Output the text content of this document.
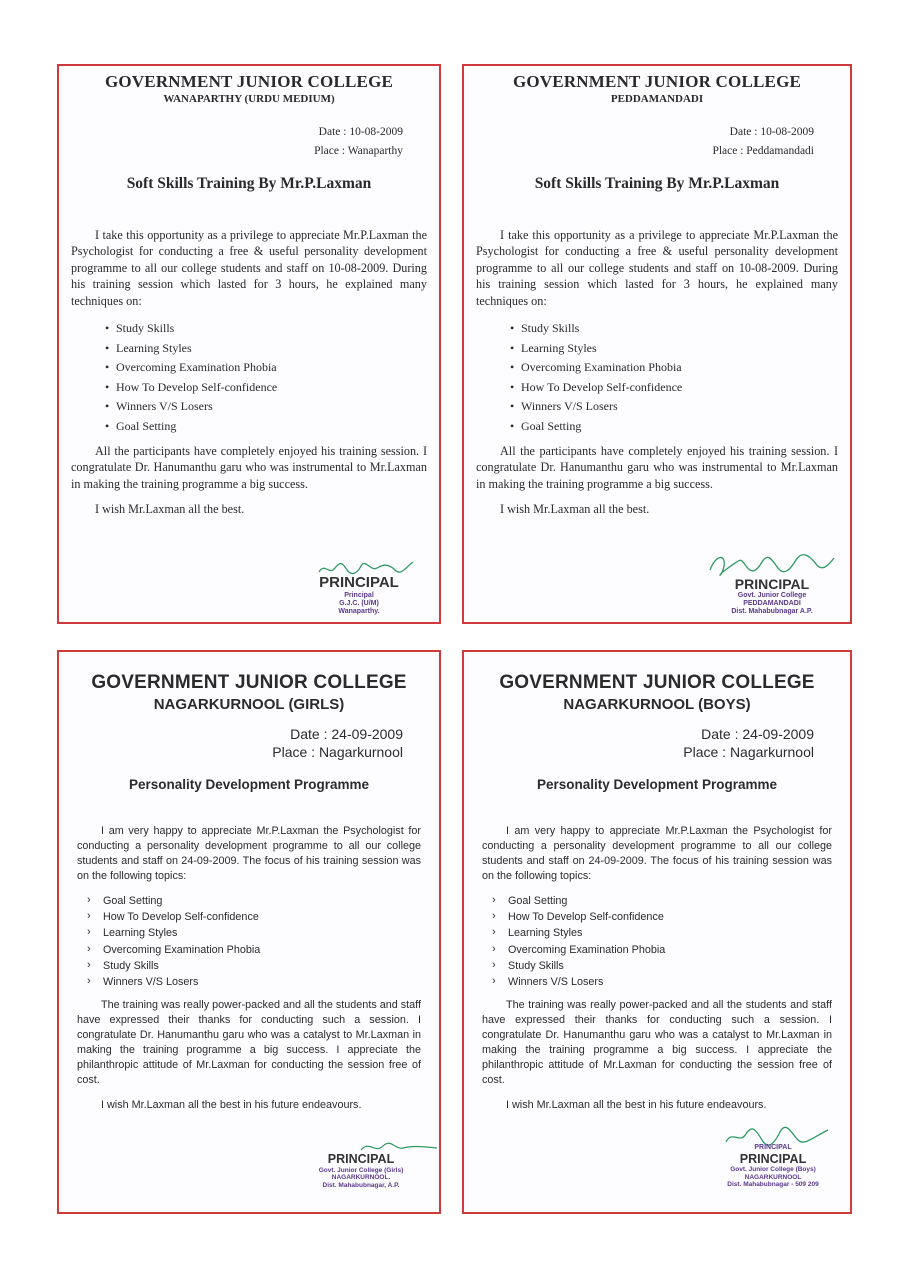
GOVERNMENT JUNIOR COLLEGE
WANAPARTHY (URDU MEDIUM)
Date : 10-08-2009
Place : Wanaparthy
Soft Skills Training By Mr.P.Laxman

I take this opportunity as a privilege to appreciate Mr.P.Laxman the Psychologist for conducting a free & useful personality development programme to all our college students and staff on 10-08-2009. During his training session which lasted for 3 hours, he explained many techniques on:

• Study Skills
• Learning Styles
• Overcoming Examination Phobia
• How To Develop Self-confidence
• Winners V/S Losers
• Goal Setting

All the participants have completely enjoyed his training session. I congratulate Dr. Hanumanthu garu who was instrumental to Mr.Laxman in making the training programme a big success.

I wish Mr.Laxman all the best.

PRINCIPAL
Principal
G.J.C. (U/M)
Wanaparthy.
GOVERNMENT JUNIOR COLLEGE
PEDDAMANDADI
Date : 10-08-2009
Place : Peddamandadi
Soft Skills Training By Mr.P.Laxman

I take this opportunity as a privilege to appreciate Mr.P.Laxman the Psychologist for conducting a free & useful personality development programme to all our college students and staff on 10-08-2009. During his training session which lasted for 3 hours, he explained many techniques on:

• Study Skills
• Learning Styles
• Overcoming Examination Phobia
• How To Develop Self-confidence
• Winners V/S Losers
• Goal Setting

All the participants have completely enjoyed his training session. I congratulate Dr. Hanumanthu garu who was instrumental to Mr.Laxman in making the training programme a big success.

I wish Mr.Laxman all the best.

PRINCIPAL
Govt. Junior College
PEDDAMANDADI
Dist. Mahabubnagar A.P.
GOVERNMENT JUNIOR COLLEGE
NAGARKURNOOL (GIRLS)
Date : 24-09-2009
Place : Nagarkurnool
Personality Development Programme

I am very happy to appreciate Mr.P.Laxman the Psychologist for conducting a personality development programme to all our college students and staff on 24-09-2009. The focus of his training session was on the following topics:

› Goal Setting
› How To Develop Self-confidence
› Learning Styles
› Overcoming Examination Phobia
› Study Skills
› Winners V/S Losers

The training was really power-packed and all the students and staff have expressed their thanks for conducting such a session. I congratulate Dr. Hanumanthu garu who was a catalyst to Mr.Laxman in making the training programme a big success. I appreciate the philanthropic attitude of Mr.Laxman for conducting the session free of cost.

I wish Mr.Laxman all the best in his future endeavours.

PRINCIPAL
Govt. Junior College (Girls)
NAGARKURNOOL.
Dist. Mahabubnagar, A.P.
GOVERNMENT JUNIOR COLLEGE
NAGARKURNOOL (BOYS)
Date : 24-09-2009
Place : Nagarkurnool
Personality Development Programme

I am very happy to appreciate Mr.P.Laxman the Psychologist for conducting a personality development programme to all our college students and staff on 24-09-2009. The focus of his training session was on the following topics:

› Goal Setting
› How To Develop Self-confidence
› Learning Styles
› Overcoming Examination Phobia
› Study Skills
› Winners V/S Losers

The training was really power-packed and all the students and staff have expressed their thanks for conducting such a session. I congratulate Dr. Hanumanthu garu who was a catalyst to Mr.Laxman in making the training programme a big success. I appreciate the philanthropic attitude of Mr.Laxman for conducting the session free of cost.

I wish Mr.Laxman all the best in his future endeavours.

PRINCIPAL
PRINCIPAL
Govt. Junior College (Boys)
NAGARKURNOOL
Dist. Mahabubnagar - 509 209
